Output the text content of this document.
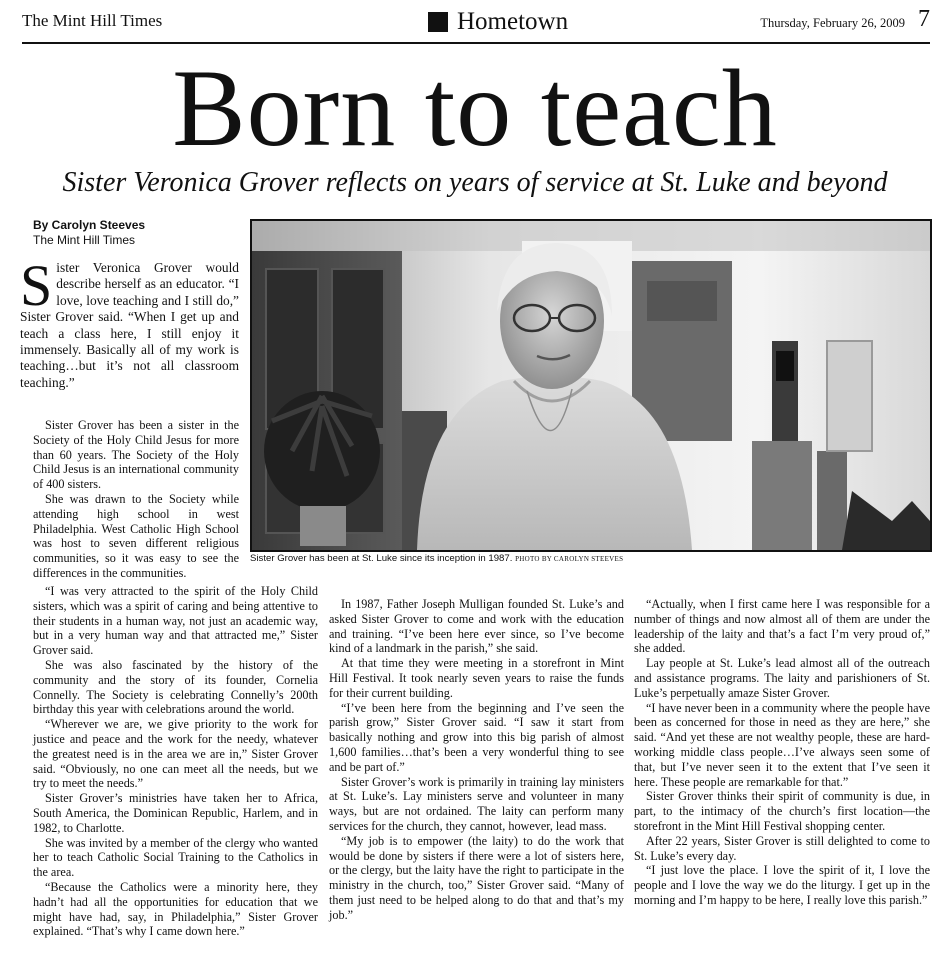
The Mint Hill Times	Hometown	Thursday, February 26, 2009 7
Born to teach
Sister Veronica Grover reflects on years of service at St. Luke and beyond
By Carolyn Steeves
The Mint Hill Times

Sister Veronica Grover would describe herself as an educator. “I love, love teaching and I still do,” Sister Grover said. “When I get up and teach a class here, I still enjoy it immensely. Basically all of my work is teaching…but it’s not all classroom teaching.”

Sister Grover has been a sister in the Society of the Holy Child Jesus for more than 60 years. The Society of the Holy Child Jesus is an international community of 400 sisters.

She was drawn to the Society while attending high school in west Philadelphia. West Catholic High School was host to seven different religious communities, so it was easy to see the differences in the communities.

“I was very attracted to the spirit of the Holy Child sisters, which was a spirit of caring and being attentive to their students in a human way, not just an academic way, but in a very human way and that attracted me,” Sister Grover said.

She was also fascinated by the history of the community and the story of its founder, Cornelia Connelly. The Society is celebrating Connelly’s 200th birthday this year with celebrations around the world.

“Wherever we are, we give priority to the work for justice and peace and the work for the needy, whatever the greatest need is in the area we are in,” Sister Grover said. “Obviously, no one can meet all the needs, but we try to meet the needs.”

Sister Grover’s ministries have taken her to Africa, South America, the Dominican Republic, Harlem, and in 1982, to Charlotte.

She was invited by a member of the clergy who wanted her to teach Catholic Social Training to the Catholics in the area.

“Because the Catholics were a minority here, they hadn’t had all the opportunities for education that we might have had, say, in Philadelphia,” Sister Grover explained. “That’s why I came down here.”

In 1987, Father Joseph Mulligan founded St. Luke’s and asked Sister Grover to come and work with the education and training. “I’ve been here ever since, so I’ve become kind of a landmark in the parish,” she said.

At that time they were meeting in a storefront in Mint Hill Festival. It took nearly seven years to raise the funds for their current building.

“I’ve been here from the beginning and I’ve seen the parish grow,” Sister Grover said. “I saw it start from basically nothing and grow into this big parish of almost 1,600 families…that’s been a very wonderful thing to see and be part of.”

Sister Grover’s work is primarily in training lay ministers at St. Luke’s. Lay ministers serve and volunteer in many ways, but are not ordained. The laity can perform many services for the church, they cannot, however, lead mass.

“My job is to empower (the laity) to do the work that would be done by sisters if there were a lot of sisters here, or the clergy, but the laity have the right to participate in the ministry in the church, too,” Sister Grover said. “Many of them just need to be helped along to do that and that’s my job.”

“Actually, when I first came here I was responsible for a number of things and now almost all of them are under the leadership of the laity and that’s a fact I’m very proud of,” she added.

Lay people at St. Luke’s lead almost all of the outreach and assistance programs. The laity and parishioners of St. Luke’s perpetually amaze Sister Grover.

“I have never been in a community where the people have been as concerned for those in need as they are here,” she said. “And yet these are not wealthy people, these are hard-working middle class people…I’ve always seen some of that, but I’ve never seen it to the extent that I’ve seen it here. These people are remarkable for that.”

Sister Grover thinks their spirit of community is due, in part, to the intimacy of the church’s first location—the storefront in the Mint Hill Festival shopping center.

After 22 years, Sister Grover is still delighted to come to St. Luke’s every day.

“I just love the place. I love the spirit of it, I love the people and I love the way we do the liturgy. I get up in the morning and I’m happy to be here, I really love this parish.”

Sister Grover has been at St. Luke since its inception in 1987. PHOTO BY CAROLYN STEEVES
